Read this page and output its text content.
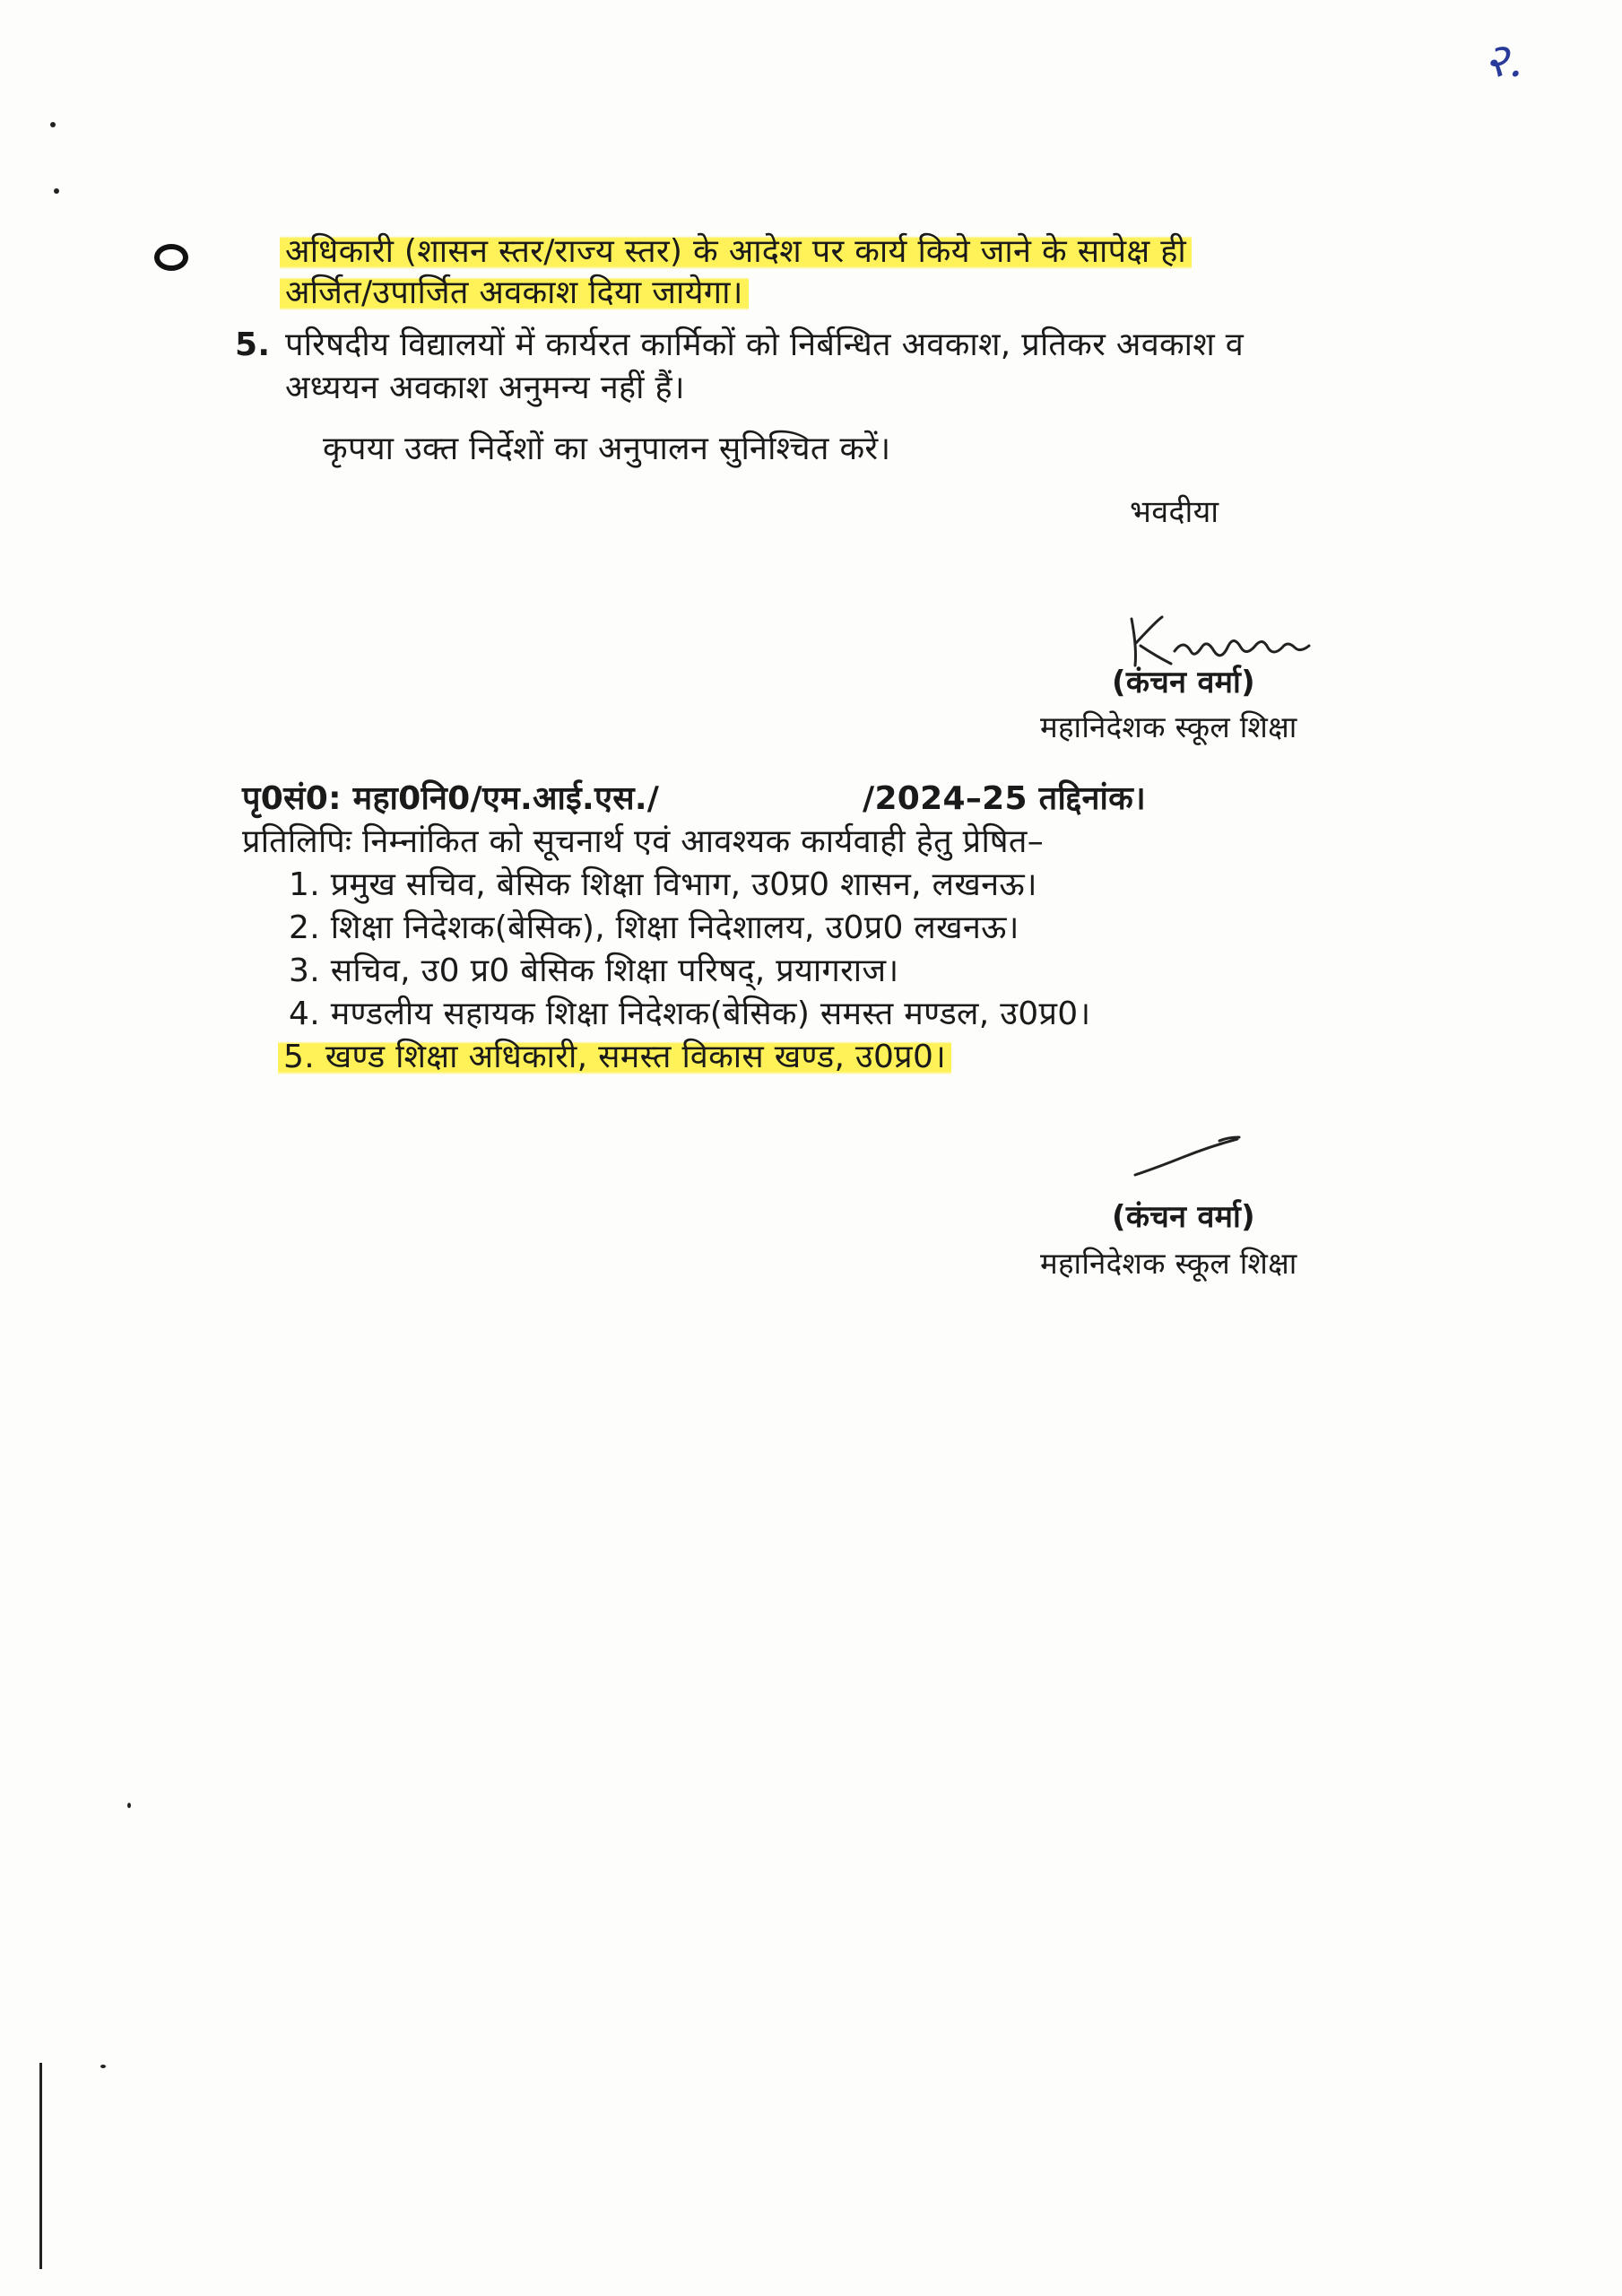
२.
अधिकारी (शासन स्तर/राज्य स्तर) के आदेश पर कार्य किये जाने के सापेक्ष ही
अर्जित/उपार्जित अवकाश दिया जायेगा।
5. परिषदीय विद्यालयों में कार्यरत कार्मिकों को निर्बन्धित अवकाश, प्रतिकर अवकाश व
अध्ययन अवकाश अनुमन्य नहीं हैं।
कृपया उक्त निर्देशों का अनुपालन सुनिश्चित करें।
भवदीया
(कंचन वर्मा)
महानिदेशक स्कूल शिक्षा
पृ0सं0: महा0नि0/एम.आई.एस./	/2024–25 तद्दिनांक।
प्रतिलिपिः निम्नांकित को सूचनार्थ एवं आवश्यक कार्यवाही हेतु प्रेषित–
1. प्रमुख सचिव, बेसिक शिक्षा विभाग, उ0प्र0 शासन, लखनऊ।
2. शिक्षा निदेशक(बेसिक), शिक्षा निदेशालय, उ0प्र0 लखनऊ।
3. सचिव, उ0 प्र0 बेसिक शिक्षा परिषद्, प्रयागराज।
4. मण्डलीय सहायक शिक्षा निदेशक(बेसिक) समस्त मण्डल, उ0प्र0।
5. खण्ड शिक्षा अधिकारी, समस्त विकास खण्ड, उ0प्र0।
(कंचन वर्मा)
महानिदेशक स्कूल शिक्षा
